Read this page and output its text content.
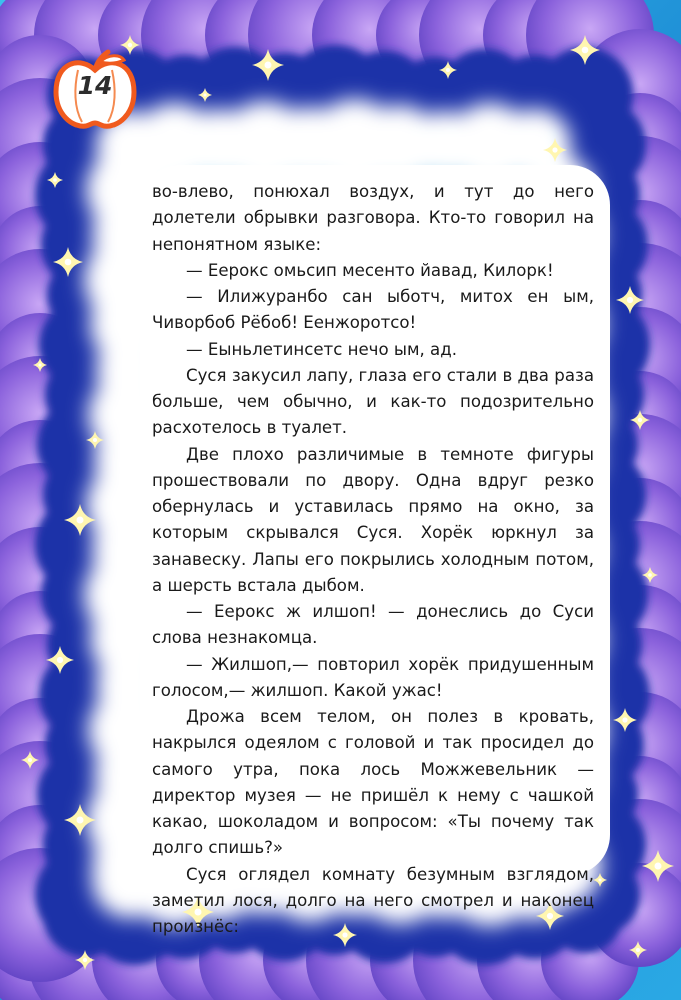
14

во-влево, понюхал воздух, и тут до него долетели обрывки разговора. Кто-то говорил на непонятном языке:

— Еерокс омьсип месенто йавад, Килорк!

— Илижуранбо сан ыботч, митох ен ым, Чиворбоб Рёбоб! Еенжоротсо!

— Еыньлетинсетс нечо ым, ад.

Суся закусил лапу, глаза его стали в два раза больше, чем обычно, и как-то подозрительно расхотелось в туалет.

Две плохо различимые в темноте фигуры прошествовали по двору. Одна вдруг резко обернулась и уставилась прямо на окно, за которым скрывался Суся. Хорёк юркнул за занавеску. Лапы его покрылись холодным потом, а шерсть встала дыбом.

— Еерокс ж илшоп! — донеслись до Суси слова незнакомца.

— Жилшоп,— повторил хорёк придушенным голосом,— жилшоп. Какой ужас!

Дрожа всем телом, он полез в кровать, накрылся одеялом с головой и так просидел до самого утра, пока лось Можжевельник — директор музея — не пришёл к нему с чашкой какао, шоколадом и вопросом: «Ты почему так долго спишь?»

Суся оглядел комнату безумным взглядом, заметил лося, долго на него смотрел и наконец произнёс:
